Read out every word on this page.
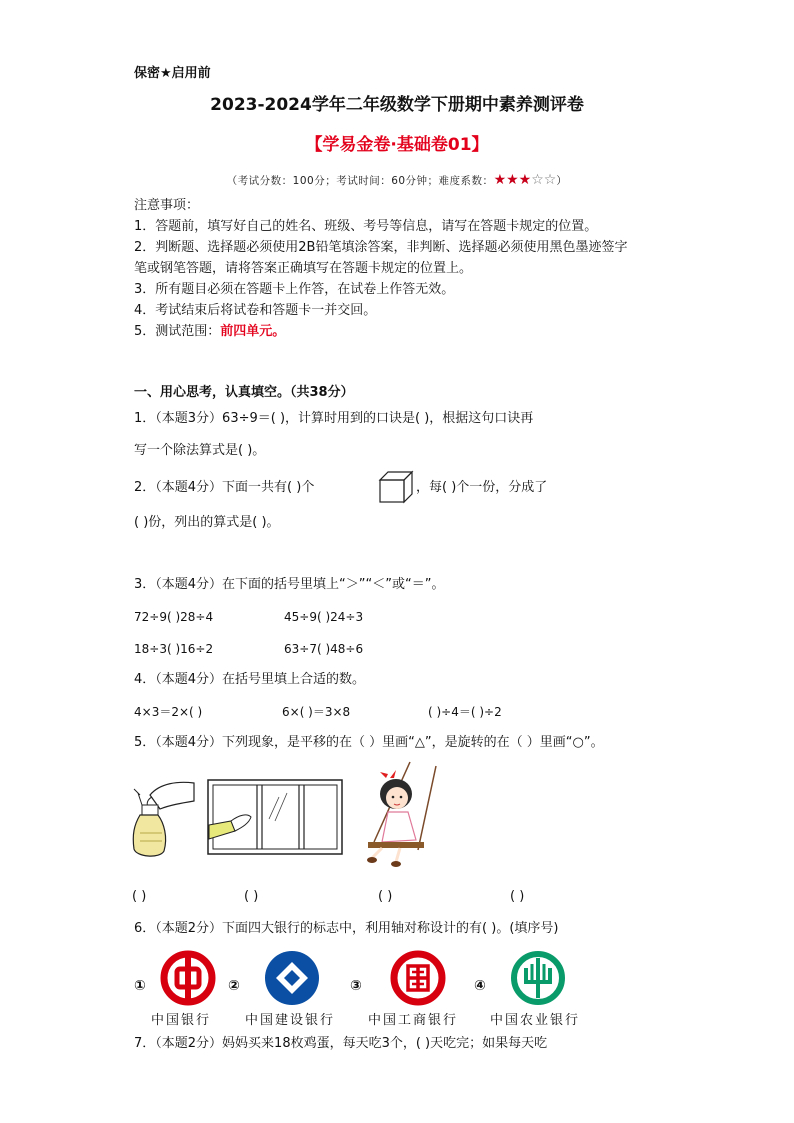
保密★启用前
2023-2024学年二年级数学下册期中素养测评卷
【学易金卷·基础卷01】
（考试分数：100分；考试时间：60分钟；难度系数：★★★☆☆）
注意事项：
1．答题前，填写好自己的姓名、班级、考号等信息，请写在答题卡规定的位置。
2．判断题、选择题必须使用2B铅笔填涂答案，非判断、选择题必须使用黑色墨迹签字
笔或钢笔答题，请将答案正确填写在答题卡规定的位置上。
3．所有题目必须在答题卡上作答，在试卷上作答无效。
4．考试结束后将试卷和答题卡一并交回。
5．测试范围：前四单元。
一、用心思考，认真填空。（共38分）
1．（本题3分）63÷9＝( )，计算时用到的口诀是( )，根据这句口诀再
写一个除法算式是( )。
2．（本题4分）下面一共有( )个	，每( )个一份，分成了
( )份，列出的算式是( )。
3．（本题4分）在下面的括号里填上“＞”“＜”或“＝”。
72÷9( )28÷4	45÷9( )24÷3
18÷3( )16÷2	63÷7( )48÷6
4．（本题4分）在括号里填上合适的数。
4×3＝2×( )	6×( )＝3×8	( )÷4＝( )÷2
5．（本题4分）下列现象，是平移的在（ ）里画“△”，是旋转的在（ ）里画“○”。
( )	( )	( )	( )
6．（本题2分）下面四大银行的标志中，利用轴对称设计的有( )。(填序号)
①	②	③	④
中国银行	中国建设银行	中国工商银行 中国农业银行
7．（本题2分）妈妈买来18枚鸡蛋，每天吃3个，( )天吃完；如果每天吃
